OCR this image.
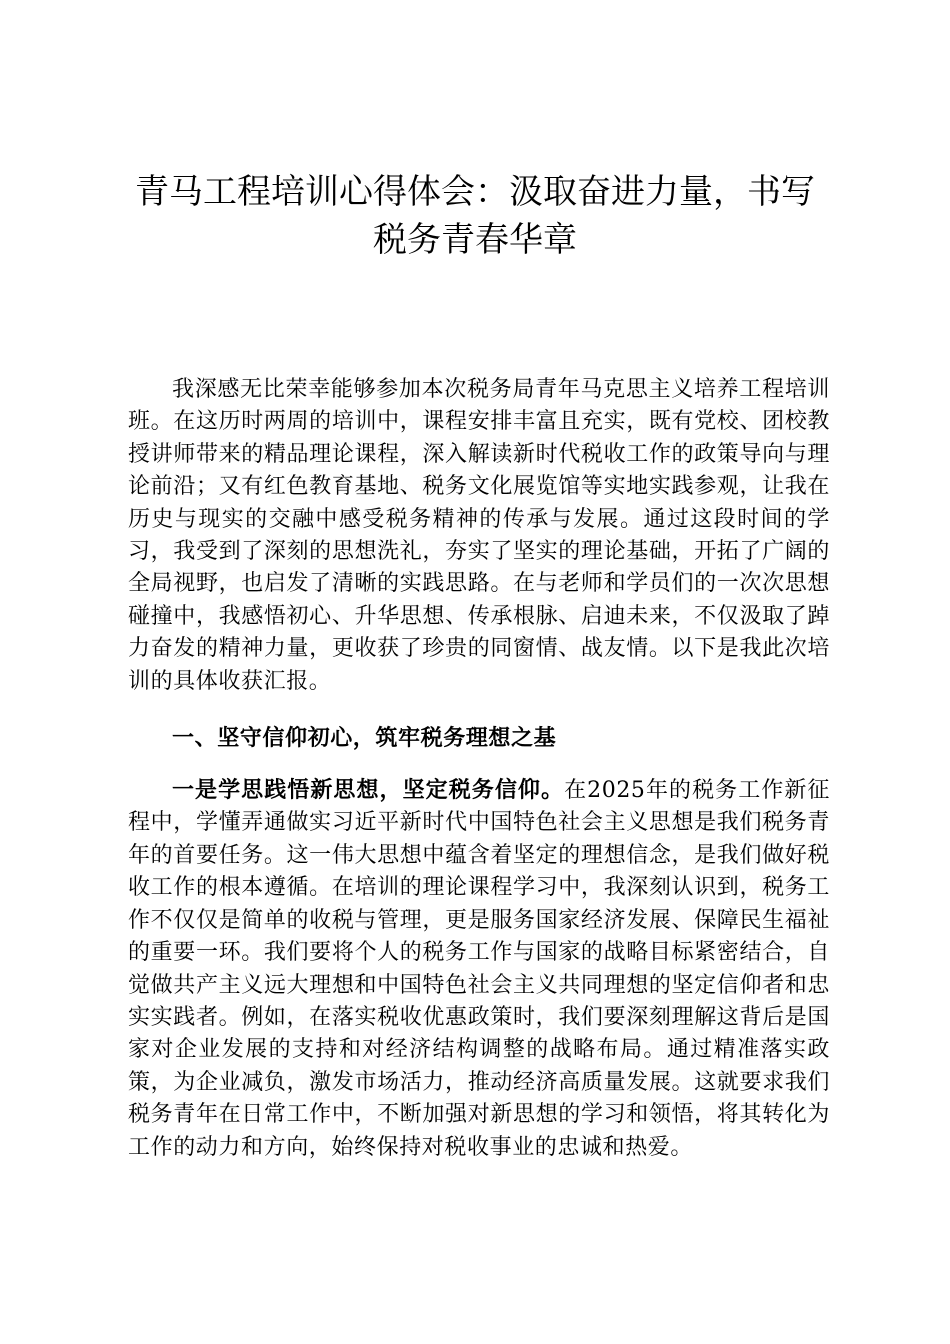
青马工程培训心得体会：汲取奋进力量，书写
税务青春华章

我深感无比荣幸能够参加本次税务局青年马克思主义培养工程培训班。在这历时两周的培训中，课程安排丰富且充实，既有党校、团校教授讲师带来的精品理论课程，深入解读新时代税收工作的政策导向与理论前沿；又有红色教育基地、税务文化展览馆等实地实践参观，让我在历史与现实的交融中感受税务精神的传承与发展。通过这段时间的学习，我受到了深刻的思想洗礼，夯实了坚实的理论基础，开拓了广阔的全局视野，也启发了清晰的实践思路。在与老师和学员们的一次次思想碰撞中，我感悟初心、升华思想、传承根脉、启迪未来，不仅汲取了踔力奋发的精神力量，更收获了珍贵的同窗情、战友情。以下是我此次培训的具体收获汇报。

一、坚守信仰初心，筑牢税务理想之基

一是学思践悟新思想，坚定税务信仰。在2025年的税务工作新征程中，学懂弄通做实习近平新时代中国特色社会主义思想是我们税务青年的首要任务。这一伟大思想中蕴含着坚定的理想信念，是我们做好税收工作的根本遵循。在培训的理论课程学习中，我深刻认识到，税务工作不仅仅是简单的收税与管理，更是服务国家经济发展、保障民生福祉的重要一环。我们要将个人的税务工作与国家的战略目标紧密结合，自觉做共产主义远大理想和中国特色社会主义共同理想的坚定信仰者和忠实实践者。例如，在落实税收优惠政策时，我们要深刻理解这背后是国家对企业发展的支持和对经济结构调整的战略布局。通过精准落实政策，为企业减负，激发市场活力，推动经济高质量发展。这就要求我们税务青年在日常工作中，不断加强对新思想的学习和领悟，将其转化为工作的动力和方向，始终保持对税收事业的忠诚和热爱。
